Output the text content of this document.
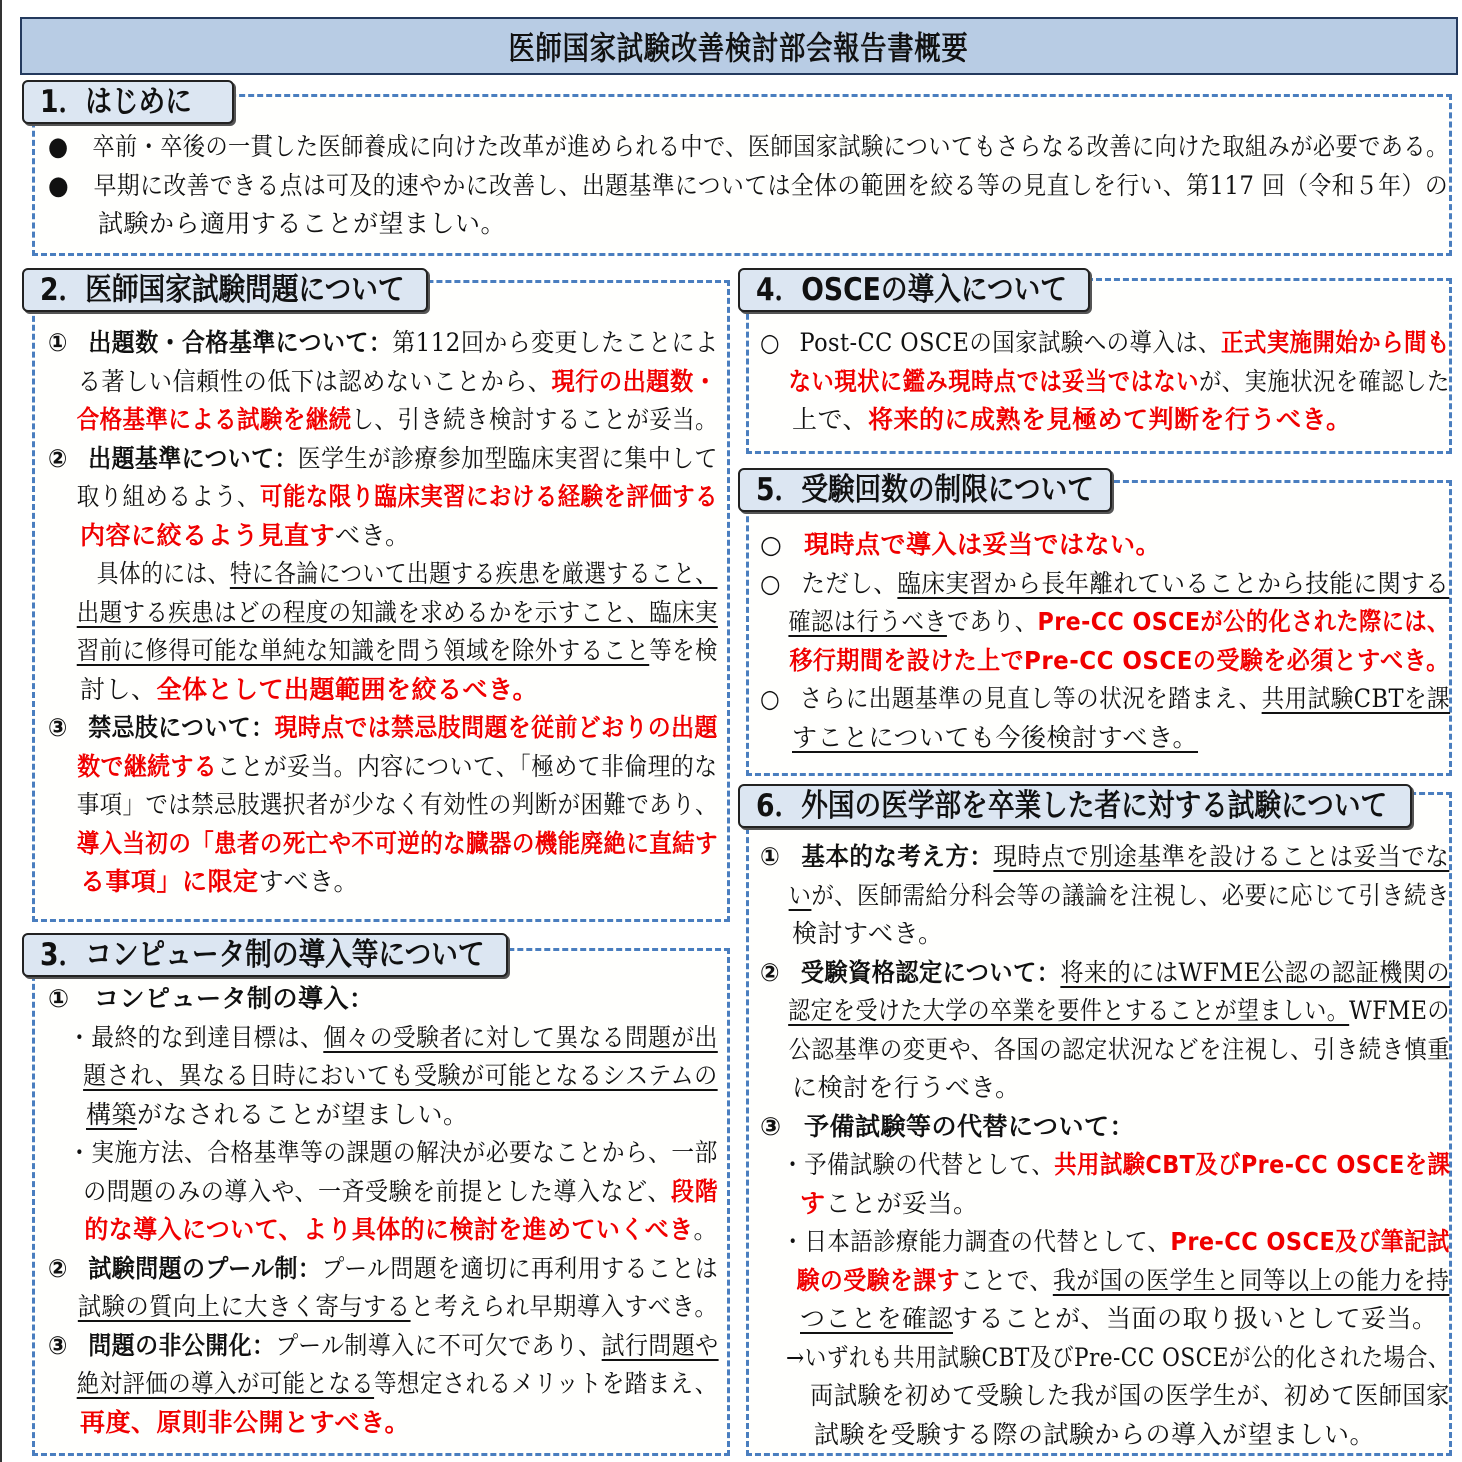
医師国家試験改善検討部会報告書概要
1．はじめに
● 卒前・卒後の一貫した医師養成に向けた改革が進められる中で、医師国家試験についてもさらなる改善に向けた取組みが必要である。
● 早期に改善できる点は可及的速やかに改善し、出題基準については全体の範囲を絞る等の見直しを行い、第117 回（令和５年）の
試験から適用することが望ましい。
2．医師国家試験問題について
① 出題数・合格基準について：第112回から変更したことによ
る著しい信頼性の低下は認めないことから、現行の出題数・
合格基準による試験を継続し、引き続き検討することが妥当。
② 出題基準について：医学生が診療参加型臨床実習に集中して
取り組めるよう、可能な限り臨床実習における経験を評価する
内容に絞るよう見直すべき。
具体的には、特に各論について出題する疾患を厳選すること、
出題する疾患はどの程度の知識を求めるかを示すこと、臨床実
習前に修得可能な単純な知識を問う領域を除外すること等を検
討し、全体として出題範囲を絞るべき。
③ 禁忌肢について：現時点では禁忌肢問題を従前どおりの出題
数で継続することが妥当。内容について、「極めて非倫理的な
事項」では禁忌肢選択者が少なく有効性の判断が困難であり、
導入当初の「患者の死亡や不可逆的な臓器の機能廃絶に直結す
る事項」に限定すべき。
3．コンピュータ制の導入等について
① コンピュータ制の導入：
・最終的な到達目標は、個々の受験者に対して異なる問題が出
題され、異なる日時においても受験が可能となるシステムの
構築がなされることが望ましい。
・実施方法、合格基準等の課題の解決が必要なことから、一部
の問題のみの導入や、一斉受験を前提とした導入など、段階
的な導入について、より具体的に検討を進めていくべき。
② 試験問題のプール制：プール問題を適切に再利用することは
試験の質向上に大きく寄与すると考えられ早期導入すべき。
③ 問題の非公開化：プール制導入に不可欠であり、試行問題や
絶対評価の導入が可能となる等想定されるメリットを踏まえ、
再度、原則非公開とすべき。
4．OSCEの導入について
○ Post-CC OSCEの国家試験への導入は、正式実施開始から間も
ない現状に鑑み現時点では妥当ではないが、実施状況を確認した
上で、将来的に成熟を見極めて判断を行うべき。
5．受験回数の制限について
○ 現時点で導入は妥当ではない。
○ ただし、臨床実習から長年離れていることから技能に関する
確認は行うべきであり、Pre-CC OSCEが公的化された際には、
移行期間を設けた上でPre-CC OSCEの受験を必須とすべき。
○ さらに出題基準の見直し等の状況を踏まえ、共用試験CBTを課
すことについても今後検討すべき。
6．外国の医学部を卒業した者に対する試験について
① 基本的な考え方：現時点で別途基準を設けることは妥当でな
いが、医師需給分科会等の議論を注視し、必要に応じて引き続き
検討すべき。
② 受験資格認定について：将来的にはWFME公認の認証機関の
認定を受けた大学の卒業を要件とすることが望ましい。WFMEの
公認基準の変更や、各国の認定状況などを注視し、引き続き慎重
に検討を行うべき。
③ 予備試験等の代替について：
・予備試験の代替として、共用試験CBT及びPre-CC OSCEを課
すことが妥当。
・日本語診療能力調査の代替として、Pre-CC OSCE及び筆記試
験の受験を課すことで、我が国の医学生と同等以上の能力を持
つことを確認することが、当面の取り扱いとして妥当。
→いずれも共用試験CBT及びPre-CC OSCEが公的化された場合、
両試験を初めて受験した我が国の医学生が、初めて医師国家
試験を受験する際の試験からの導入が望ましい。
